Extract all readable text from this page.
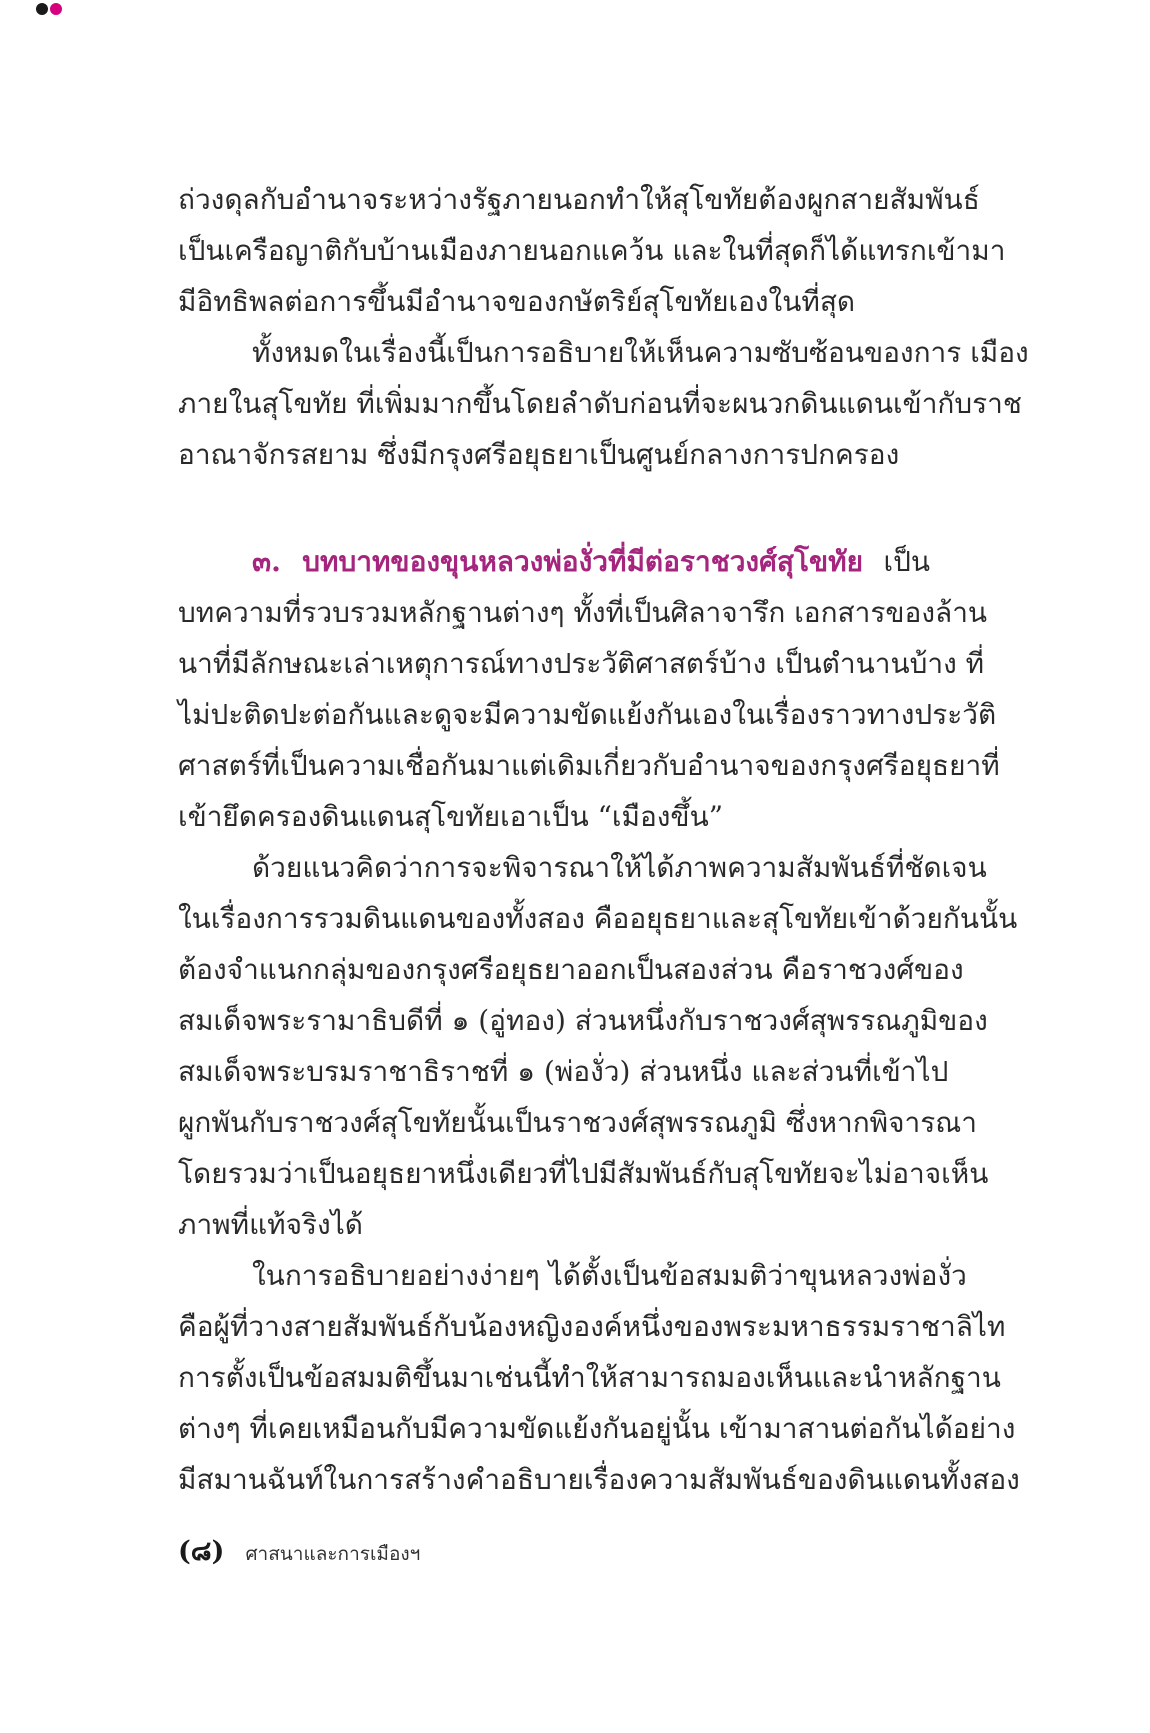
ถ่วงดุลกับอำนาจระหว่างรัฐภายนอกทำให้สุโขทัยต้องผูกสายสัมพันธ์
เป็นเครือญาติกับบ้านเมืองภายนอกแคว้น และในที่สุดก็ได้แทรกเข้ามา
มีอิทธิพลต่อการขึ้นมีอำนาจของกษัตริย์สุโขทัยเองในที่สุด
ทั้งหมดในเรื่องนี้เป็นการอธิบายให้เห็นความซับซ้อนของการ เมือง
ภายในสุโขทัย ที่เพิ่มมากขึ้นโดยลำดับก่อนที่จะผนวกดินแดนเข้ากับราช
อาณาจักรสยาม ซึ่งมีกรุงศรีอยุธยาเป็นศูนย์กลางการปกครอง
๓. บทบาทของขุนหลวงพ่องั่วที่มีต่อราชวงศ์สุโขทัย เป็น
บทความที่รวบรวมหลักฐานต่างๆ ทั้งที่เป็นศิลาจารึก เอกสารของล้าน
นาที่มีลักษณะเล่าเหตุการณ์ทางประวัติศาสตร์บ้าง เป็นตำนานบ้าง ที่
ไม่ปะติดปะต่อกันและดูจะมีความขัดแย้งกันเองในเรื่องราวทางประวัติ
ศาสตร์ที่เป็นความเชื่อกันมาแต่เดิมเกี่ยวกับอำนาจของกรุงศรีอยุธยาที่
เข้ายึดครองดินแดนสุโขทัยเอาเป็น “เมืองขึ้น”
ด้วยแนวคิดว่าการจะพิจารณาให้ได้ภาพความสัมพันธ์ที่ชัดเจน
ในเรื่องการรวมดินแดนของทั้งสอง คืออยุธยาและสุโขทัยเข้าด้วยกันนั้น
ต้องจำแนกกลุ่มของกรุงศรีอยุธยาออกเป็นสองส่วน คือราชวงศ์ของ
สมเด็จพระรามาธิบดีที่ ๑ (อู่ทอง) ส่วนหนึ่งกับราชวงศ์สุพรรณภูมิของ
สมเด็จพระบรมราชาธิราชที่ ๑ (พ่องั่ว) ส่วนหนึ่ง และส่วนที่เข้าไป
ผูกพันกับราชวงศ์สุโขทัยนั้นเป็นราชวงศ์สุพรรณภูมิ ซึ่งหากพิจารณา
โดยรวมว่าเป็นอยุธยาหนึ่งเดียวที่ไปมีสัมพันธ์กับสุโขทัยจะไม่อาจเห็น
ภาพที่แท้จริงได้
ในการอธิบายอย่างง่ายๆ ได้ตั้งเป็นข้อสมมติว่าขุนหลวงพ่องั่ว
คือผู้ที่วางสายสัมพันธ์กับน้องหญิงองค์หนึ่งของพระมหาธรรมราชาลิไท
การตั้งเป็นข้อสมมติขึ้นมาเช่นนี้ทำให้สามารถมองเห็นและนำหลักฐาน
ต่างๆ ที่เคยเหมือนกับมีความขัดแย้งกันอยู่นั้น เข้ามาสานต่อกันได้อย่าง
มีสมานฉันท์ในการสร้างคำอธิบายเรื่องความสัมพันธ์ของดินแดนทั้งสอง
(๘) ศาสนาและการเมืองฯ
